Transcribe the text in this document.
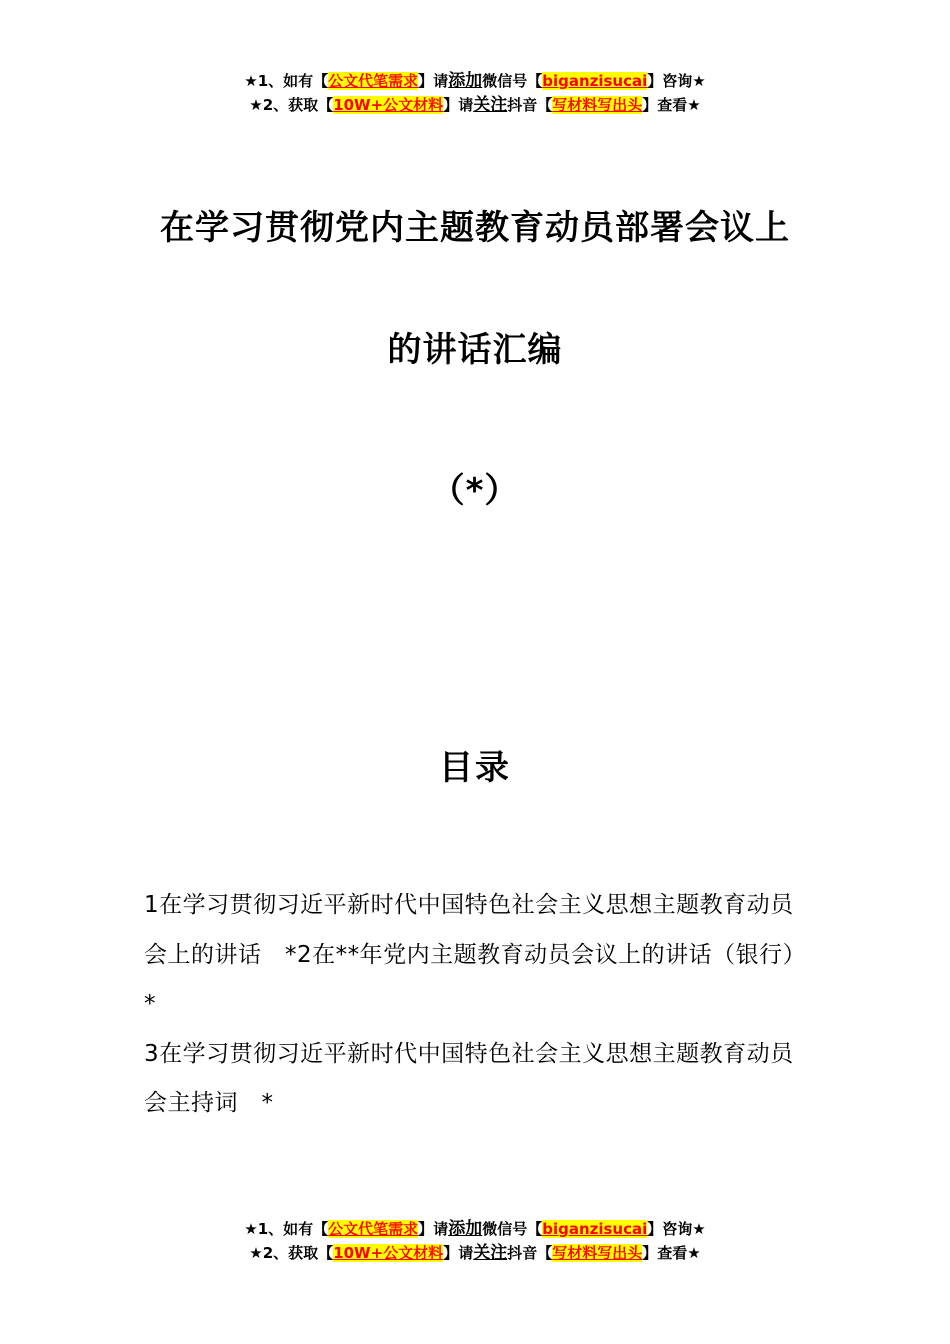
★1、如有【公文代笔需求】请添加微信号【biganzisucai】咨询★
★2、获取【10W+公文材料】请关注抖音【写材料写出头】查看★
在学习贯彻党内主题教育动员部署会议上
的讲话汇编
（*）
目录

1在学习贯彻习近平新时代中国特色社会主义思想主题教育动员会上的讲话　*2在**年党内主题教育动员会议上的讲话（银行）*

3在学习贯彻习近平新时代中国特色社会主义思想主题教育动员会主持词　*

★1、如有【公文代笔需求】请添加微信号【biganzisucai】咨询★
★2、获取【10W+公文材料】请关注抖音【写材料写出头】查看★
